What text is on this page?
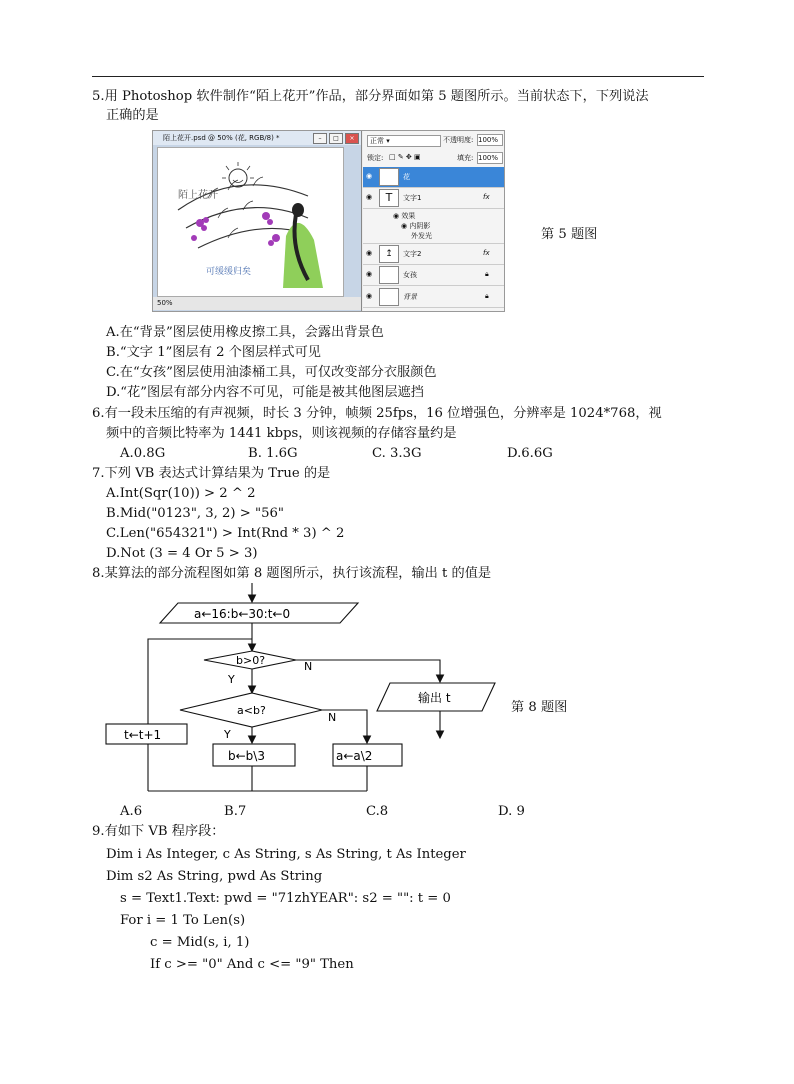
5.用 Photoshop 软件制作“陌上花开”作品，部分界面如第 5 题图所示。当前状态下，下列说法
正确的是
陌上花开.psd @ 50% (花, RGB/8) *	–	□	×
陌上花开
可缓缓归矣
50%
正常 ▾	不透明度: 100%
锁定: □ ✎ ✥ ▣	填充: 100%
◉	花
◉	T	文字1	fx
◉ 效果
◉ 内阴影
外发光
◉	↥	文字2	fx
◉	女孩	🔒︎
◉	背景	🔒︎
第 5 题图
A.在“背景”图层使用橡皮擦工具，会露出背景色
B.“文字 1”图层有 2 个图层样式可见
C.在“女孩”图层使用油漆桶工具，可仅改变部分衣服颜色
D.“花”图层有部分内容不可见，可能是被其他图层遮挡
6.有一段未压缩的有声视频，时长 3 分钟，帧频 25fps，16 位增强色，分辨率是 1024*768，视
频中的音频比特率为 1441 kbps，则该视频的存储容量约是
A.0.8G	B. 1.6G	C. 3.3G	D.6.6G
7.下列 VB 表达式计算结果为 True 的是
A.Int(Sqr(10)) > 2 ^ 2
B.Mid("0123", 3, 2) > "56"
C.Len("654321") > Int(Rnd * 3) ^ 2
D.Not (3 = 4 Or 5 > 3)
8.某算法的部分流程图如第 8 题图所示，执行该流程，输出 t 的值是
a←16:b←30:t←0
b>0?	N
Y
a<b?
N
Y
输出 t
t←t+1
b←b\3	a←a\2
第 8 题图
A.6	B.7	C.8	D. 9
9.有如下 VB 程序段：
Dim i As Integer, c As String, s As String, t As Integer
Dim s2 As String, pwd As String
s = Text1.Text: pwd = "71zhYEAR": s2 = "": t = 0
For i = 1 To Len(s)
c = Mid(s, i, 1)
If c >= "0" And c <= "9" Then
